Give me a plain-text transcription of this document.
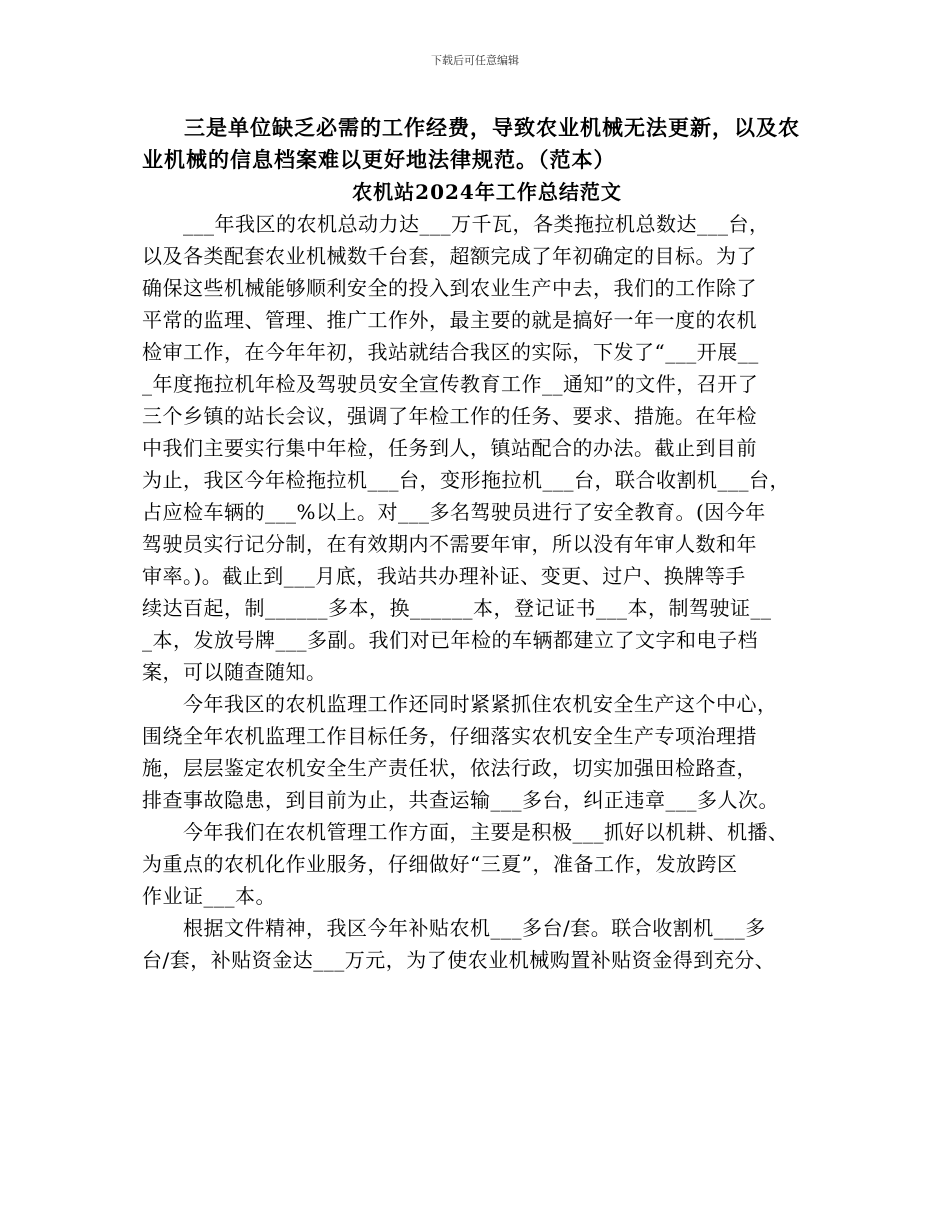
下载后可任意编辑
三是单位缺乏必需的工作经费，导致农业机械无法更新，以及农
业机械的信息档案难以更好地法律规范。（范本）
农机站2024年工作总结范文
　　___年我区的农机总动力达___万千瓦，各类拖拉机总数达___台，
以及各类配套农业机械数千台套，超额完成了年初确定的目标。为了
确保这些机械能够顺利安全的投入到农业生产中去，我们的工作除了
平常的监理、管理、推广工作外，最主要的就是搞好一年一度的农机
检审工作，在今年年初，我站就结合我区的实际，下发了“___开展__
_年度拖拉机年检及驾驶员安全宣传教育工作__通知”的文件，召开了
三个乡镇的站长会议，强调了年检工作的任务、要求、措施。在年检
中我们主要实行集中年检，任务到人，镇站配合的办法。截止到目前
为止，我区今年检拖拉机___台，变形拖拉机___台，联合收割机___台，
占应检车辆的___%以上。对___多名驾驶员进行了安全教育。(因今年
驾驶员实行记分制，在有效期内不需要年审，所以没有年审人数和年
审率。)。截止到___月底，我站共办理补证、变更、过户、换牌等手
续达百起，制______多本，换______本，登记证书___本，制驾驶证__
_本，发放号牌___多副。我们对已年检的车辆都建立了文字和电子档
案，可以随查随知。
　　今年我区的农机监理工作还同时紧紧抓住农机安全生产这个中心，
围绕全年农机监理工作目标任务，仔细落实农机安全生产专项治理措
施，层层鉴定农机安全生产责任状，依法行政，切实加强田检路查，
排查事故隐患，到目前为止，共查运输___多台，纠正违章___多人次。
　　今年我们在农机管理工作方面，主要是积极___抓好以机耕、机播、
为重点的农机化作业服务，仔细做好“三夏”，准备工作，发放跨区
作业证___本。
　　根据文件精神，我区今年补贴农机___多台/套。联合收割机___多
台/套，补贴资金达___万元，为了使农业机械购置补贴资金得到充分、
